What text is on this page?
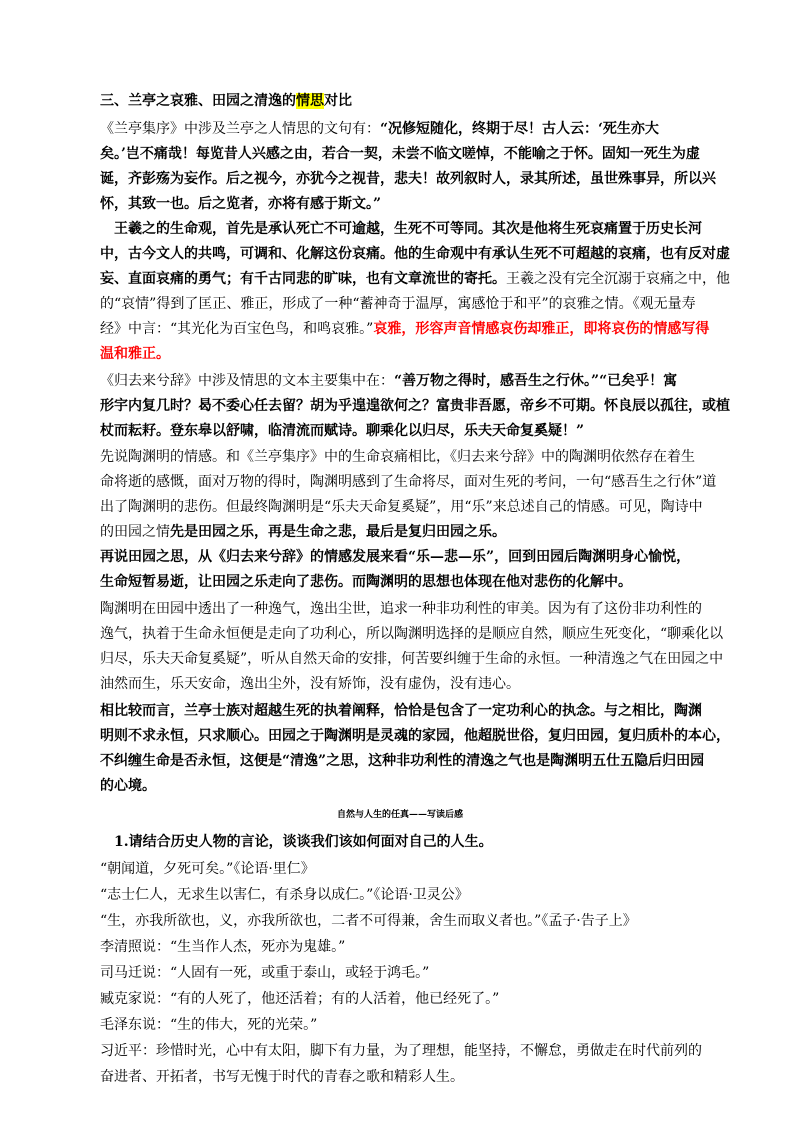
三、兰亭之哀雅、田园之清逸的情思对比
《兰亭集序》中涉及兰亭之人情思的文句有：“况修短随化，终期于尽！古人云：‘死生亦大
矣。’岂不痛哉！每览昔人兴感之由，若合一契，未尝不临文嗟悼，不能喻之于怀。固知一死生为虚
诞，齐彭殇为妄作。后之视今，亦犹今之视昔，悲夫！故列叙时人，录其所述，虽世殊事异，所以兴
怀，其致一也。后之览者，亦将有感于斯文。”
王羲之的生命观，首先是承认死亡不可逾越，生死不可等同。其次是他将生死哀痛置于历史长河
中，古今文人的共鸣，可调和、化解这份哀痛。他的生命观中有承认生死不可超越的哀痛，也有反对虚
妄、直面哀痛的勇气；有千古同悲的旷味，也有文章流世的寄托。王羲之没有完全沉溺于哀痛之中，他
的“哀情”得到了匡正、雅正，形成了一种“蓄神奇于温厚，寓感怆于和平”的哀雅之情。《观无量寿
经》中言：“其光化为百宝色鸟，和鸣哀雅。”哀雅，形容声音情感哀伤却雅正，即将哀伤的情感写得
温和雅正。
《归去来兮辞》中涉及情思的文本主要集中在：“善万物之得时，感吾生之行休。”“已矣乎！寓
形宇内复几时？曷不委心任去留？胡为乎遑遑欲何之？富贵非吾愿，帝乡不可期。怀良辰以孤往，或植
杖而耘耔。登东皋以舒啸，临清流而赋诗。聊乘化以归尽，乐夫天命复奚疑！”
先说陶渊明的情感。和《兰亭集序》中的生命哀痛相比，《归去来兮辞》中的陶渊明依然存在着生
命将逝的感慨，面对万物的得时，陶渊明感到了生命将尽，面对生死的考问，一句“感吾生之行休”道
出了陶渊明的悲伤。但最终陶渊明是“乐夫天命复奚疑”，用“乐”来总述自己的情感。可见，陶诗中
的田园之情先是田园之乐，再是生命之悲，最后是复归田园之乐。
再说田园之思，从《归去来兮辞》的情感发展来看“乐—悲—乐”，回到田园后陶渊明身心愉悦，
生命短暂易逝，让田园之乐走向了悲伤。而陶渊明的思想也体现在他对悲伤的化解中。
陶渊明在田园中透出了一种逸气，逸出尘世，追求一种非功利性的审美。因为有了这份非功利性的
逸气，执着于生命永恒便是走向了功利心，所以陶渊明选择的是顺应自然，顺应生死变化，“聊乘化以
归尽，乐夫天命复奚疑”，听从自然天命的安排，何苦要纠缠于生命的永恒。一种清逸之气在田园之中
油然而生，乐天安命，逸出尘外，没有矫饰，没有虚伪，没有违心。
相比较而言，兰亭士族对超越生死的执着阐释，恰恰是包含了一定功利心的执念。与之相比，陶渊
明则不求永恒，只求顺心。田园之于陶渊明是灵魂的家园，他超脱世俗，复归田园，复归质朴的本心，
不纠缠生命是否永恒，这便是“清逸”之思，这种非功利性的清逸之气也是陶渊明五仕五隐后归田园
的心境。
自然与人生的任真——写读后感
1.请结合历史人物的言论，谈谈我们该如何面对自己的人生。
“朝闻道，夕死可矣。”《论语·里仁》
“志士仁人，无求生以害仁，有杀身以成仁。”《论语·卫灵公》
“生，亦我所欲也，义，亦我所欲也，二者不可得兼，舍生而取义者也。”《孟子·告子上》
李清照说：“生当作人杰，死亦为鬼雄。”
司马迁说：“人固有一死，或重于泰山，或轻于鸿毛。”
臧克家说：“有的人死了，他还活着；有的人活着，他已经死了。”
毛泽东说：“生的伟大，死的光荣。”
习近平：珍惜时光，心中有太阳，脚下有力量，为了理想，能坚持，不懈怠，勇做走在时代前列的
奋进者、开拓者，书写无愧于时代的青春之歌和精彩人生。
